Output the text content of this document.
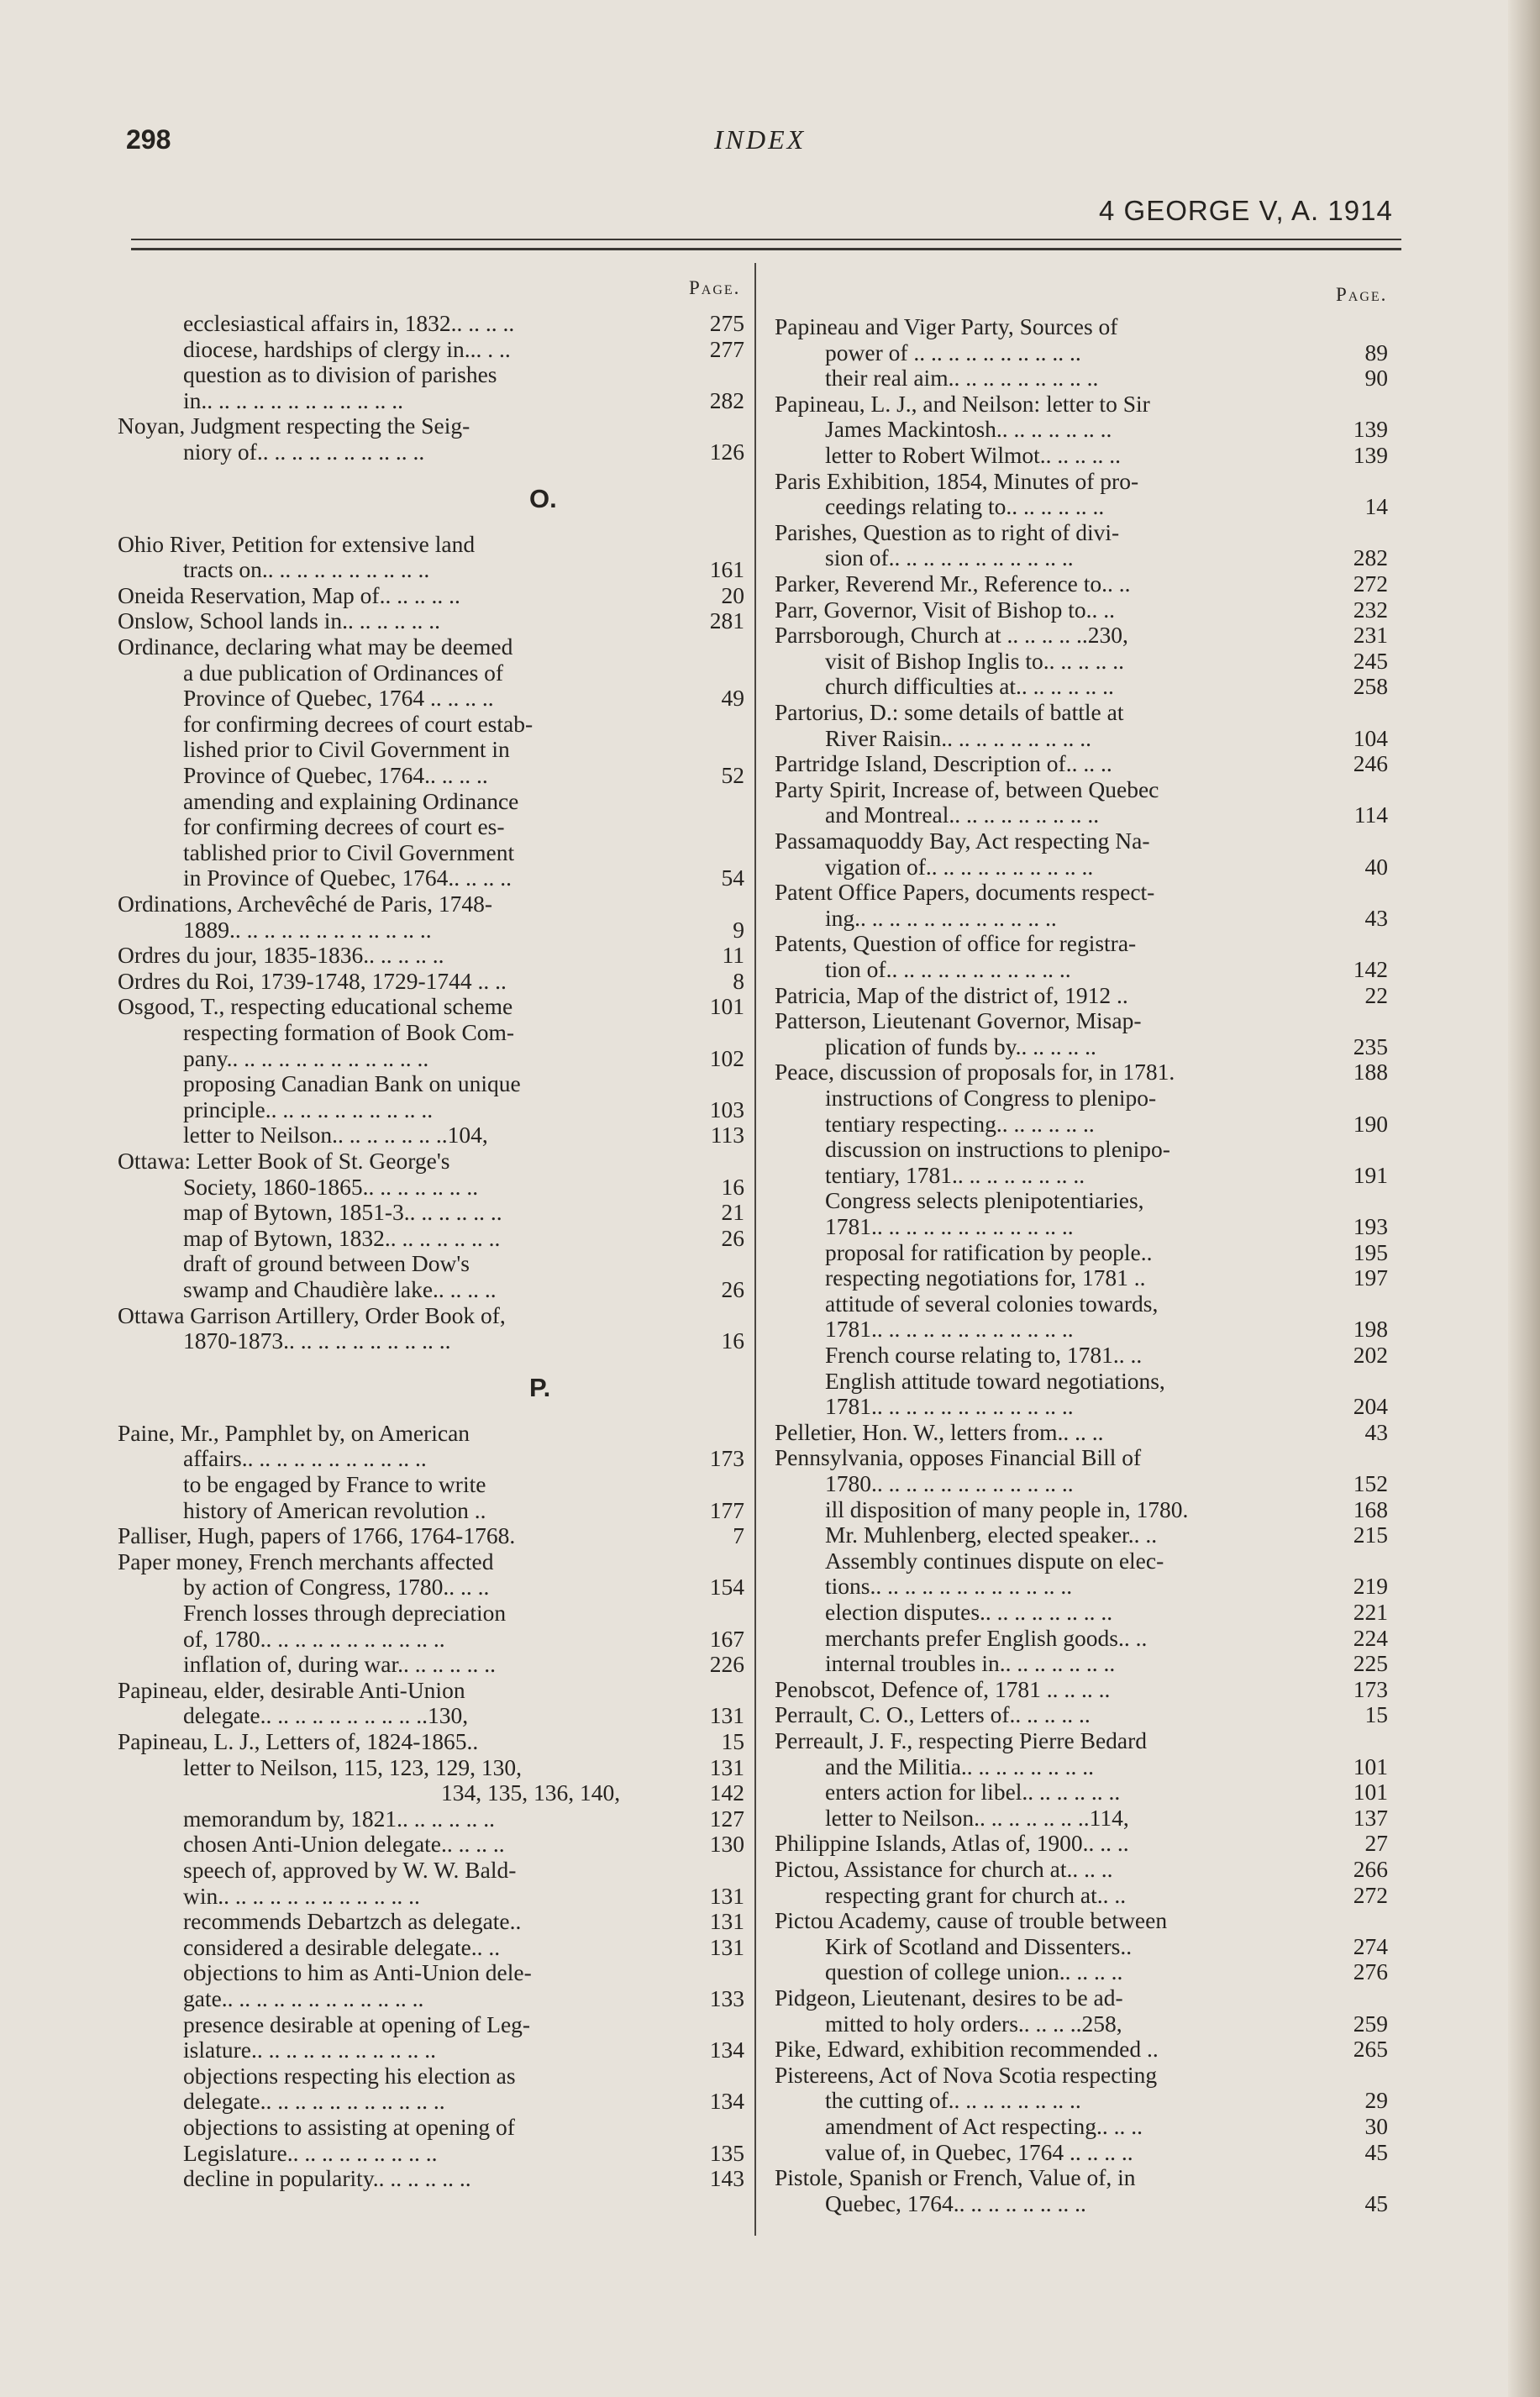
298	INDEX
4 GEORGE V, A. 1914
Page.	Page.
ecclesiastical affairs in, 1832.. .. .. ..	275
diocese, hardships of clergy in... . ..	277
question as to division of parishes
in.. .. .. .. .. .. .. .. .. .. .. ..	282
Noyan, Judgment respecting the Seig-
niory of.. .. .. .. .. .. .. .. .. ..	126
O.
Ohio River, Petition for extensive land
tracts on.. .. .. .. .. .. .. .. .. ..	161
Oneida Reservation, Map of.. .. .. .. ..	20
Onslow, School lands in.. .. .. .. .. ..	281
Ordinance, declaring what may be deemed
a due publication of Ordinances of
Province of Quebec, 1764 .. .. .. ..	49
for confirming decrees of court estab-
lished prior to Civil Government in
Province of Quebec, 1764.. .. .. ..	52
amending and explaining Ordinance
for confirming decrees of court es-
tablished prior to Civil Government
in Province of Quebec, 1764.. .. .. ..	54
Ordinations, Archevêché de Paris, 1748-
1889.. .. .. .. .. .. .. .. .. .. .. ..	9
Ordres du jour, 1835-1836.. .. .. .. ..	11
Ordres du Roi, 1739-1748, 1729-1744 .. ..	8
Osgood, T., respecting educational scheme	101
respecting formation of Book Com-
pany.. .. .. .. .. .. .. .. .. .. .. ..	102
proposing Canadian Bank on unique
principle.. .. .. .. .. .. .. .. .. ..	103
letter to Neilson.. .. .. .. .. .. ..104,	113
Ottawa: Letter Book of St. George's
Society, 1860-1865.. .. .. .. .. .. ..	16
map of Bytown, 1851-3.. .. .. .. .. ..	21
map of Bytown, 1832.. .. .. .. .. .. ..	26
draft of ground between Dow's
swamp and Chaudière lake.. .. .. ..	26
Ottawa Garrison Artillery, Order Book of,
1870-1873.. .. .. .. .. .. .. .. .. ..	16
P.
Paine, Mr., Pamphlet by, on American
affairs.. .. .. .. .. .. .. .. .. .. ..	173
to be engaged by France to write
history of American revolution ..	177
Palliser, Hugh, papers of 1766, 1764-1768.	7
Paper money, French merchants affected
by action of Congress, 1780.. .. ..	154
French losses through depreciation
of, 1780.. .. .. .. .. .. .. .. .. .. ..	167
inflation of, during war.. .. .. .. .. ..	226
Papineau, elder, desirable Anti-Union
delegate.. .. .. .. .. .. .. .. .. ..130,	131
Papineau, L. J., Letters of, 1824-1865..	15
letter to Neilson, 115, 123, 129, 130,	131
134, 135, 136, 140,	142
memorandum by, 1821.. .. .. .. .. ..	127
chosen Anti-Union delegate.. .. .. ..	130
speech of, approved by W. W. Bald-
win.. .. .. .. .. .. .. .. .. .. .. ..	131
recommends Debartzch as delegate..	131
considered a desirable delegate.. ..	131
objections to him as Anti-Union dele-
gate.. .. .. .. .. .. .. .. .. .. .. ..	133
presence desirable at opening of Leg-
islature.. .. .. .. .. .. .. .. .. .. ..	134
objections respecting his election as
delegate.. .. .. .. .. .. .. .. .. .. ..	134
objections to assisting at opening of
Legislature.. .. .. .. .. .. .. .. ..	135
decline in popularity.. .. .. .. .. ..	143
Papineau and Viger Party, Sources of
power of .. .. .. .. .. .. .. .. .. ..	89
their real aim.. .. .. .. .. .. .. .. ..	90
Papineau, L. J., and Neilson: letter to Sir
James Mackintosh.. .. .. .. .. .. ..	139
letter to Robert Wilmot.. .. .. .. ..	139
Paris Exhibition, 1854, Minutes of pro-
ceedings relating to.. .. .. .. .. ..	14
Parishes, Question as to right of divi-
sion of.. .. .. .. .. .. .. .. .. .. ..	282
Parker, Reverend Mr., Reference to.. ..	272
Parr, Governor, Visit of Bishop to.. ..	232
Parrsborough, Church at .. .. .. .. ..230,	231
visit of Bishop Inglis to.. .. .. .. ..	245
church difficulties at.. .. .. .. .. ..	258
Partorius, D.: some details of battle at
River Raisin.. .. .. .. .. .. .. .. ..	104
Partridge Island, Description of.. .. ..	246
Party Spirit, Increase of, between Quebec
and Montreal.. .. .. .. .. .. .. .. ..	114
Passamaquoddy Bay, Act respecting Na-
vigation of.. .. .. .. .. .. .. .. .. ..	40
Patent Office Papers, documents respect-
ing.. .. .. .. .. .. .. .. .. .. .. ..	43
Patents, Question of office for registra-
tion of.. .. .. .. .. .. .. .. .. .. ..	142
Patricia, Map of the district of, 1912 ..	22
Patterson, Lieutenant Governor, Misap-
plication of funds by.. .. .. .. ..	235
Peace, discussion of proposals for, in 1781.	188
instructions of Congress to plenipo-
tentiary respecting.. .. .. .. .. ..	190
discussion on instructions to plenipo-
tentiary, 1781.. .. .. .. .. .. .. ..	191
Congress selects plenipotentiaries,
1781.. .. .. .. .. .. .. .. .. .. .. ..	193
proposal for ratification by people..	195
respecting negotiations for, 1781 ..	197
attitude of several colonies towards,
1781.. .. .. .. .. .. .. .. .. .. .. ..	198
French course relating to, 1781.. ..	202
English attitude toward negotiations,
1781.. .. .. .. .. .. .. .. .. .. .. ..	204
Pelletier, Hon. W., letters from.. .. ..	43
Pennsylvania, opposes Financial Bill of
1780.. .. .. .. .. .. .. .. .. .. .. ..	152
ill disposition of many people in, 1780.	168
Mr. Muhlenberg, elected speaker.. ..	215
Assembly continues dispute on elec-
tions.. .. .. .. .. .. .. .. .. .. .. ..	219
election disputes.. .. .. .. .. .. .. ..	221
merchants prefer English goods.. ..	224
internal troubles in.. .. .. .. .. .. ..	225
Penobscot, Defence of, 1781 .. .. .. ..	173
Perrault, C. O., Letters of.. .. .. .. ..	15
Perreault, J. F., respecting Pierre Bedard
and the Militia.. .. .. .. .. .. .. ..	101
enters action for libel.. .. .. .. .. ..	101
letter to Neilson.. .. .. .. .. .. ..114,	137
Philippine Islands, Atlas of, 1900.. .. ..	27
Pictou, Assistance for church at.. .. ..	266
respecting grant for church at.. ..	272
Pictou Academy, cause of trouble between
Kirk of Scotland and Dissenters..	274
question of college union.. .. .. ..	276
Pidgeon, Lieutenant, desires to be ad-
mitted to holy orders.. .. .. ..258,	259
Pike, Edward, exhibition recommended ..	265
Pistereens, Act of Nova Scotia respecting
the cutting of.. .. .. .. .. .. .. ..	29
amendment of Act respecting.. .. ..	30
value of, in Quebec, 1764 .. .. .. ..	45
Pistole, Spanish or French, Value of, in
Quebec, 1764.. .. .. .. .. .. .. ..	45
